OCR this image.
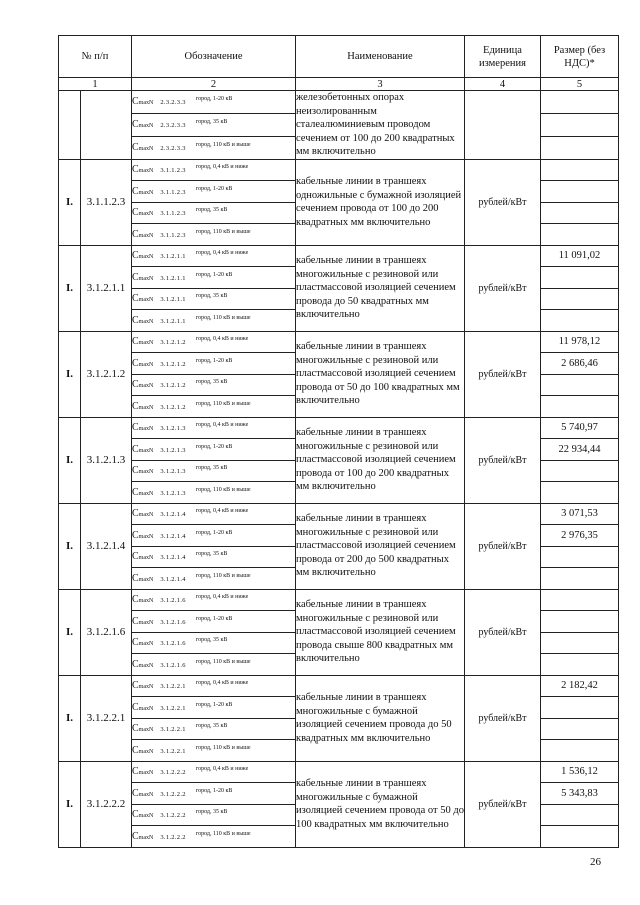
№ п/п		Обозначение	Наименование	Единица измерения	Размер (без НДС)*
1		2	3	4	5
		CmaxN 2.3.2.3.3 $^{город, 1-20 кВ}$	железобетонных опорах неизолированным сталеалюминиевым проводом сечением от 100 до 200 квадратных мм включительно		
		CmaxN 2.3.2.3.3 $^{город, 35 кВ}$	
		CmaxN 2.3.2.3.3 $^{город, 110 кВ и выше}$	
I.	3.1.1.2.3	CmaxN 3.1.1.2.3 $^{город, 0,4 кВ и ниже}$	кабельные линии в траншеях одножильные с бумажной изоляцией сечением провода от 100 до 200 квадратных мм включительно	рублей/кВт	
		CmaxN 3.1.1.2.3 $^{город, 1-20 кВ}$	
		CmaxN 3.1.1.2.3 $^{город, 35 кВ}$	
		CmaxN 3.1.1.2.3 $^{город, 110 кВ и выше}$	
I.	3.1.2.1.1	CmaxN 3.1.2.1.1 $^{город, 0,4 кВ и ниже}$	кабельные линии в траншеях многожильные с резиновой или пластмассовой изоляцией сечением провода до 50 квадратных мм включительно	рублей/кВт	11 091,02
		CmaxN 3.1.2.1.1 $^{город, 1-20 кВ}$	
		CmaxN 3.1.2.1.1 $^{город, 35 кВ}$	
		CmaxN 3.1.2.1.1 $^{город, 110 кВ и выше}$	
I.	3.1.2.1.2	CmaxN 3.1.2.1.2 $^{город, 0,4 кВ и ниже}$	кабельные линии в траншеях многожильные с резиновой или пластмассовой изоляцией сечением провода от 50 до 100 квадратных мм включительно	рублей/кВт	11 978,12
		CmaxN 3.1.2.1.2 $^{город, 1-20 кВ}$			2 686,46
		CmaxN 3.1.2.1.2 $^{город, 35 кВ}$	
		CmaxN 3.1.2.1.2 $^{город, 110 кВ и выше}$	
I.	3.1.2.1.3	CmaxN 3.1.2.1.3 $^{город, 0,4 кВ и ниже}$	кабельные линии в траншеях многожильные с резиновой или пластмассовой изоляцией сечением провода от 100 до 200 квадратных мм включительно	рублей/кВт	5 740,97
		CmaxN 3.1.2.1.3 $^{город, 1-20 кВ}$			22 934,44
		CmaxN 3.1.2.1.3 $^{город, 35 кВ}$	
		CmaxN 3.1.2.1.3 $^{город, 110 кВ и выше}$	
I.	3.1.2.1.4	CmaxN 3.1.2.1.4 $^{город, 0,4 кВ и ниже}$	кабельные линии в траншеях многожильные с резиновой или пластмассовой изоляцией сечением провода от 200 до 500 квадратных мм включительно	рублей/кВт	3 071,53
		CmaxN 3.1.2.1.4 $^{город, 1-20 кВ}$			2 976,35
		CmaxN 3.1.2.1.4 $^{город, 35 кВ}$	
		CmaxN 3.1.2.1.4 $^{город, 110 кВ и выше}$	
I.	3.1.2.1.6	CmaxN 3.1.2.1.6 $^{город, 0,4 кВ и ниже}$	кабельные линии в траншеях многожильные с резиновой или пластмассовой изоляцией сечением провода свыше 800 квадратных мм включительно	рублей/кВт	
		CmaxN 3.1.2.1.6 $^{город, 1-20 кВ}$	
		CmaxN 3.1.2.1.6 $^{город, 35 кВ}$	
		CmaxN 3.1.2.1.6 $^{город, 110 кВ и выше}$	
I.	3.1.2.2.1	CmaxN 3.1.2.2.1 $^{город, 0,4 кВ и ниже}$	кабельные линии в траншеях многожильные с бумажной изоляцией сечением провода до 50 квадратных мм включительно	рублей/кВт	2 182,42
		CmaxN 3.1.2.2.1 $^{город, 1-20 кВ}$	
		CmaxN 3.1.2.2.1 $^{город, 35 кВ}$	
		CmaxN 3.1.2.2.1 $^{город, 110 кВ и выше}$	
I.	3.1.2.2.2	CmaxN 3.1.2.2.2 $^{город, 0,4 кВ и ниже}$	кабельные линии в траншеях многожильные с бумажной изоляцией сечением провода от 50 до 100 квадратных мм включительно	рублей/кВт	1 536,12
		CmaxN 3.1.2.2.2 $^{город, 1-20 кВ}$			5 343,83
		CmaxN 3.1.2.2.2 $^{город, 35 кВ}$	
		CmaxN 3.1.2.2.2 $^{город, 110 кВ и выше}$	
26
